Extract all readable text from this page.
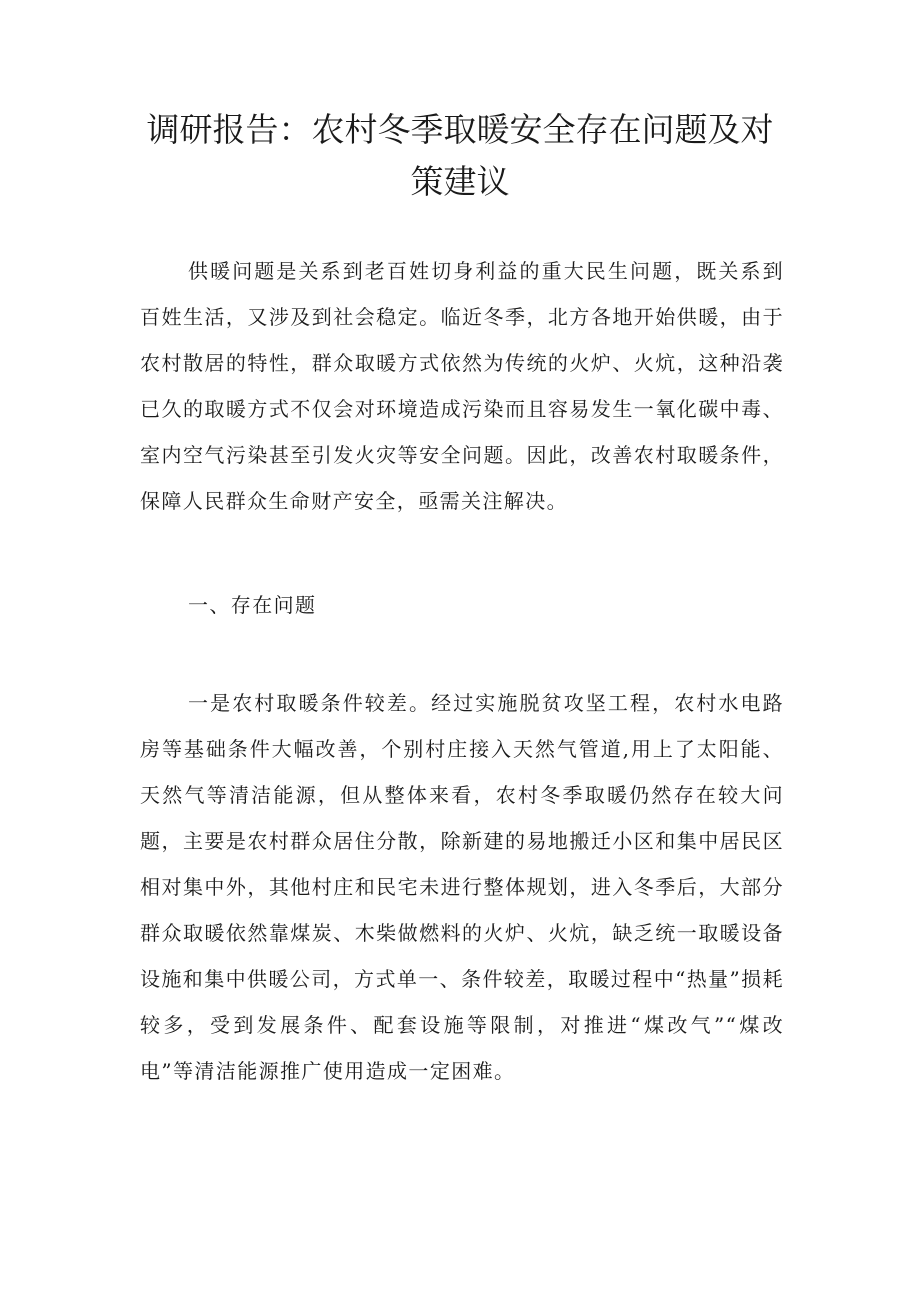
调研报告：农村冬季取暖安全存在问题及对策建议

供暖问题是关系到老百姓切身利益的重大民生问题，既关系到百姓生活，又涉及到社会稳定。临近冬季，北方各地开始供暖，由于农村散居的特性，群众取暖方式依然为传统的火炉、火炕，这种沿袭已久的取暖方式不仅会对环境造成污染而且容易发生一氧化碳中毒、室内空气污染甚至引发火灾等安全问题。因此，改善农村取暖条件，保障人民群众生命财产安全，亟需关注解决。

一、存在问题

一是农村取暖条件较差。经过实施脱贫攻坚工程，农村水电路房等基础条件大幅改善，个别村庄接入天然气管道,用上了太阳能、天然气等清洁能源，但从整体来看，农村冬季取暖仍然存在较大问题，主要是农村群众居住分散，除新建的易地搬迁小区和集中居民区相对集中外，其他村庄和民宅未进行整体规划，进入冬季后，大部分群众取暖依然靠煤炭、木柴做燃料的火炉、火炕，缺乏统一取暖设备设施和集中供暖公司，方式单一、条件较差，取暖过程中“热量”损耗较多，受到发展条件、配套设施等限制，对推进“煤改气”“煤改电”等清洁能源推广使用造成一定困难。
